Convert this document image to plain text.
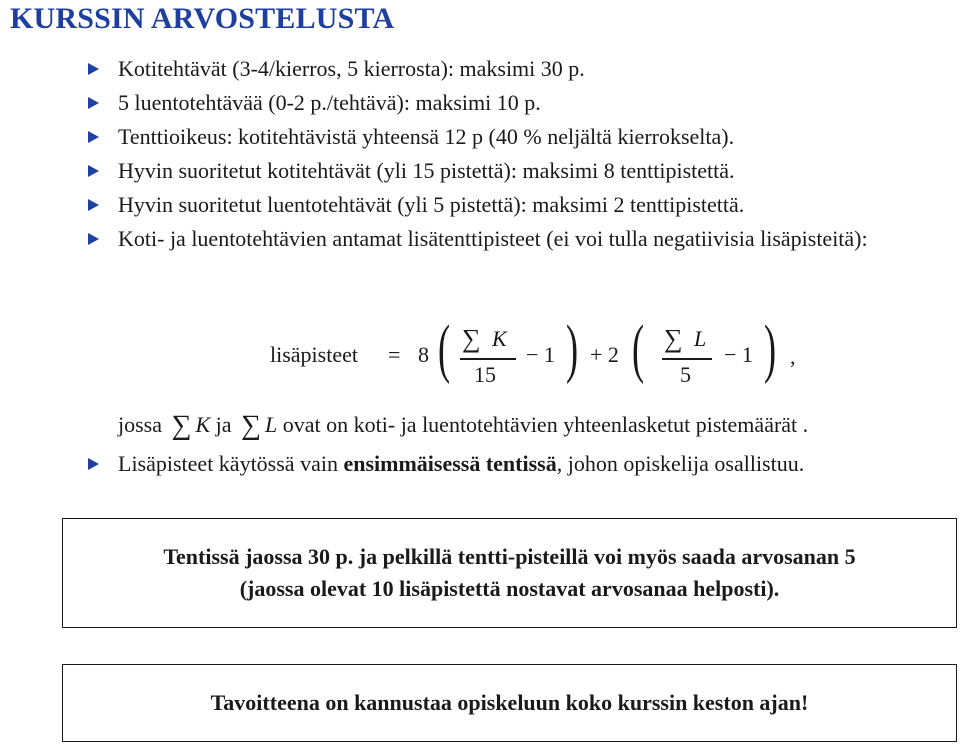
KURSSIN ARVOSTELUSTA
Kotitehtävät (3-4/kierros, 5 kierrosta): maksimi 30 p.
5 luentotehtävää (0-2 p./tehtävä): maksimi 10 p.
Tenttioikeus: kotitehtävistä yhteensä 12 p (40 % neljältä kierrokselta).
Hyvin suoritetut kotitehtävät (yli 15 pistettä): maksimi 8 tenttipistettä.
Hyvin suoritetut luentotehtävät (yli 5 pistettä): maksimi 2 tenttipistettä.
Koti- ja luentotehtävien antamat lisätenttipisteet (ei voi tulla negatiivisia lisäpisteitä):
lisäpisteet = 8 ( ∑ K
15
− 1 ) + 2 ( ∑ L
5
− 1 ) ,
jossa ∑ K ja ∑ L ovat on koti- ja luentotehtävien yhteenlasketut pistemäärät .
Lisäpisteet käytössä vain ensimmäisessä tentissä, johon opiskelija osallistuu.
Tentissä jaossa 30 p. ja pelkillä tentti-pisteillä voi myös saada arvosanan 5
(jaossa olevat 10 lisäpistettä nostavat arvosanaa helposti).
Tavoitteena on kannustaa opiskeluun koko kurssin keston ajan!
